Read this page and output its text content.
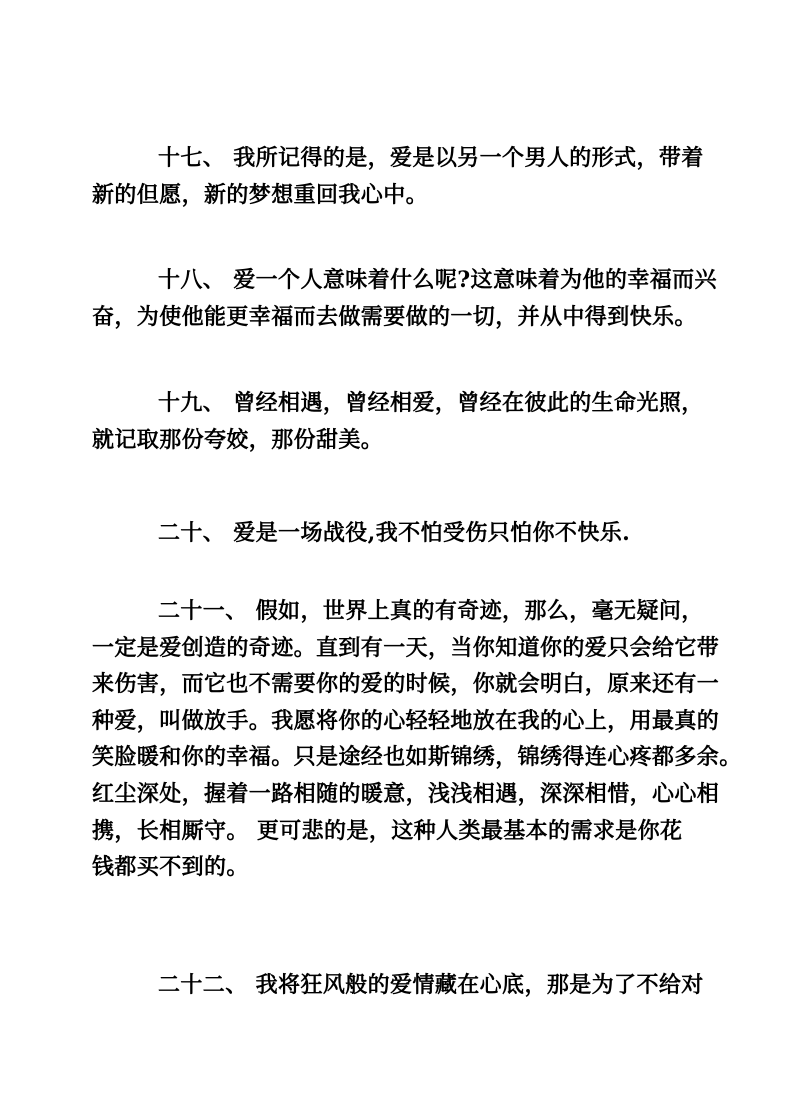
十七、 我所记得的是，爱是以另一个男人的形式，带着
新的但愿，新的梦想重回我心中。
十八、 爱一个人意味着什么呢?这意味着为他的幸福而兴
奋，为使他能更幸福而去做需要做的一切，并从中得到快乐。
十九、 曾经相遇，曾经相爱，曾经在彼此的生命光照，
就记取那份夸姣，那份甜美。
二十、 爱是一场战役,我不怕受伤只怕你不快乐.
二十一、 假如，世界上真的有奇迹，那么，毫无疑问，
一定是爱创造的奇迹。直到有一天，当你知道你的爱只会给它带
来伤害，而它也不需要你的爱的时候，你就会明白，原来还有一
种爱，叫做放手。我愿将你的心轻轻地放在我的心上，用最真的
笑脸暖和你的幸福。只是途经也如斯锦绣，锦绣得连心疼都多余。
红尘深处，握着一路相随的暖意，浅浅相遇，深深相惜，心心相
携，长相厮守。 更可悲的是，这种人类最基本的需求是你花
钱都买不到的。
二十二、 我将狂风般的爱情藏在心底，那是为了不给对
